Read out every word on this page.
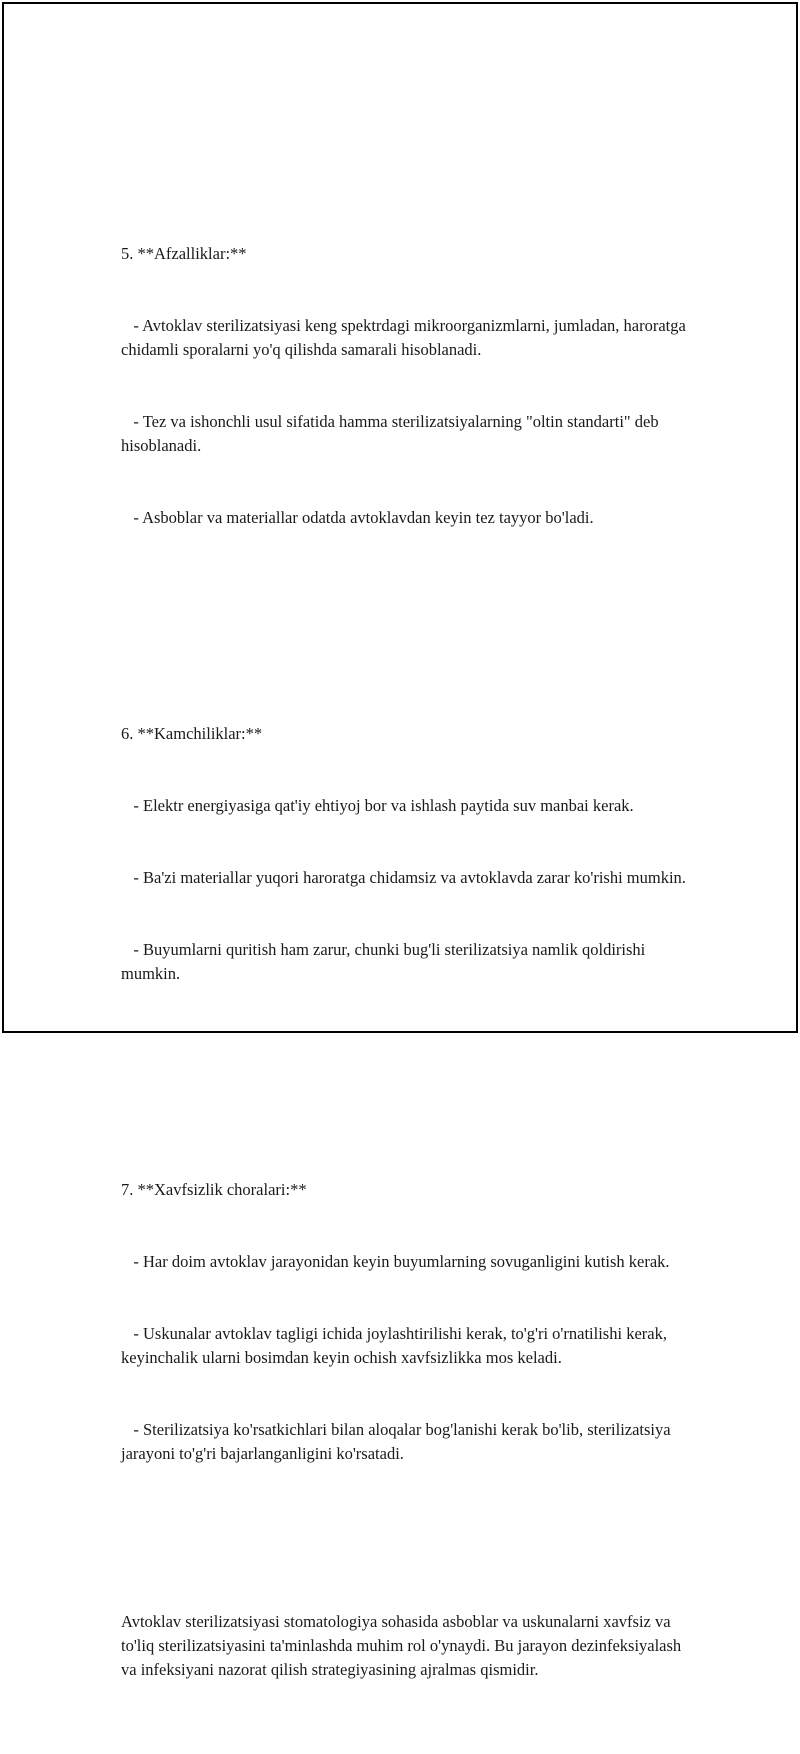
5. **Afzalliklar:**

- Avtoklav sterilizatsiyasi keng spektrdagi mikroorganizmlarni, jumladan, haroratga chidamli sporalarni yo'q qilishda samarali hisoblanadi.

- Tez va ishonchli usul sifatida hamma sterilizatsiyalarning "oltin standarti" deb hisoblanadi.

- Asboblar va materiallar odatda avtoklavdan keyin tez tayyor bo'ladi.

6. **Kamchiliklar:**

- Elektr energiyasiga qat'iy ehtiyoj bor va ishlash paytida suv manbai kerak.

- Ba'zi materiallar yuqori haroratga chidamsiz va avtoklavda zarar ko'rishi mumkin.

- Buyumlarni quritish ham zarur, chunki bug'li sterilizatsiya namlik qoldirishi mumkin.

7. **Xavfsizlik choralari:**

- Har doim avtoklav jarayonidan keyin buyumlarning sovuganligini kutish kerak.

- Uskunalar avtoklav tagligi ichida joylashtirilishi kerak, to'g'ri o'rnatilishi kerak, keyinchalik ularni bosimdan keyin ochish xavfsizlikka mos keladi.

- Sterilizatsiya ko'rsatkichlari bilan aloqalar bog'lanishi kerak bo'lib, sterilizatsiya jarayoni to'g'ri bajarlanganligini ko'rsatadi.

Avtoklav sterilizatsiyasi stomatologiya sohasida asboblar va uskunalarni xavfsiz va to'liq sterilizatsiyasini ta'minlashda muhim rol o'ynaydi. Bu jarayon dezinfeksiyalash va infeksiyani nazorat qilish strategiyasining ajralmas qismidir.
